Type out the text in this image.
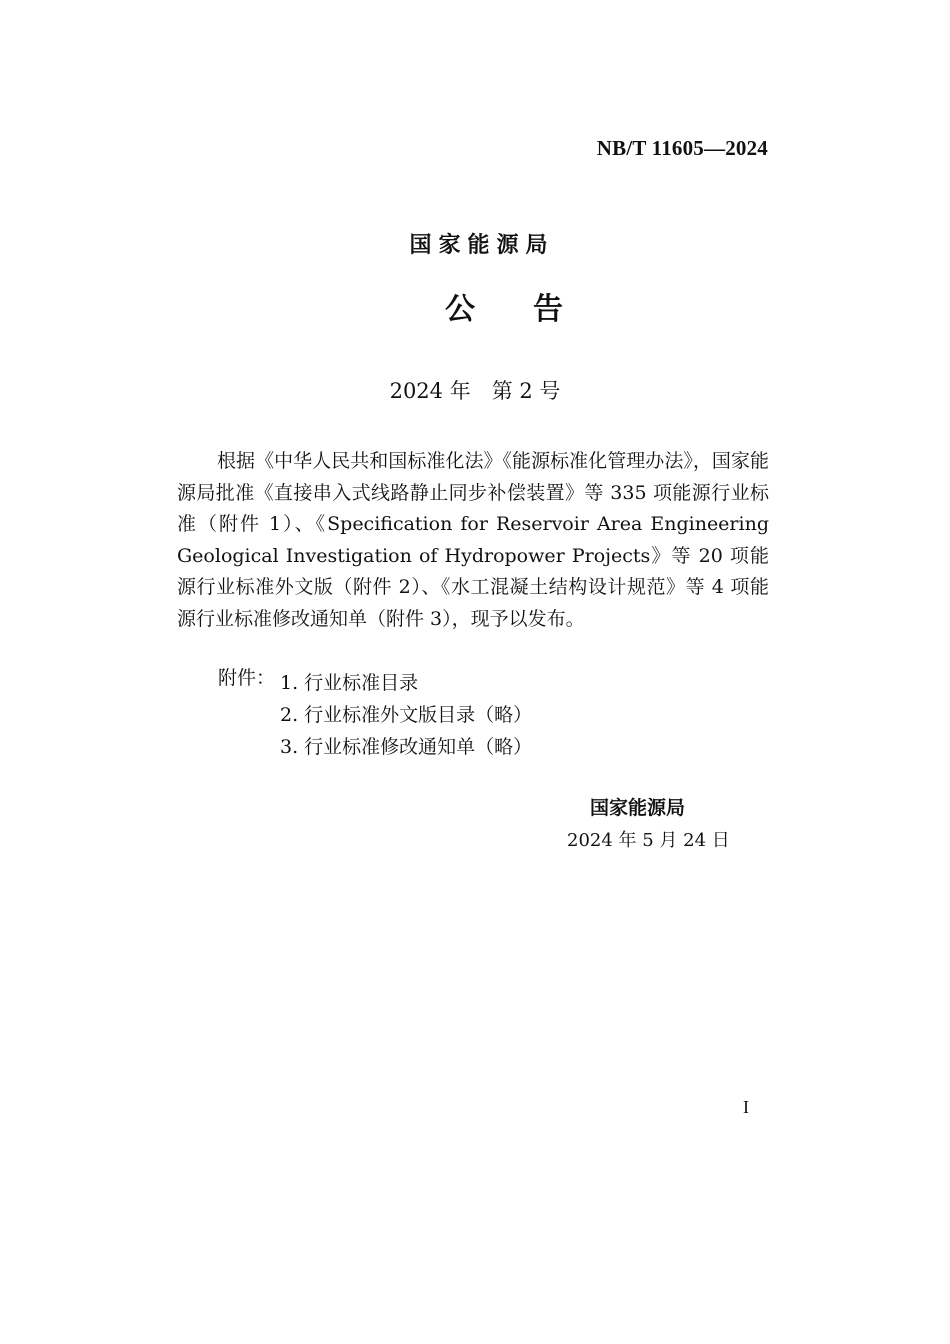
NB/T 11605—2024
国家能源局
公告
2024 年　第 2 号

根据《中华人民共和国标准化法》《能源标准化管理办法》，国家能源局批准《直接串入式线路静止同步补偿装置》等 335 项能源行业标准（附件 1）、《Specification for Reservoir Area Engineering Geological Investigation of Hydropower Projects》等 20 项能源行业标准外文版（附件 2）、《水工混凝土结构设计规范》等 4 项能源行业标准修改通知单（附件 3），现予以发布。

附件： 1. 行业标准目录
2. 行业标准外文版目录（略）
3. 行业标准修改通知单（略）
国家能源局
2024 年 5 月 24 日
I
